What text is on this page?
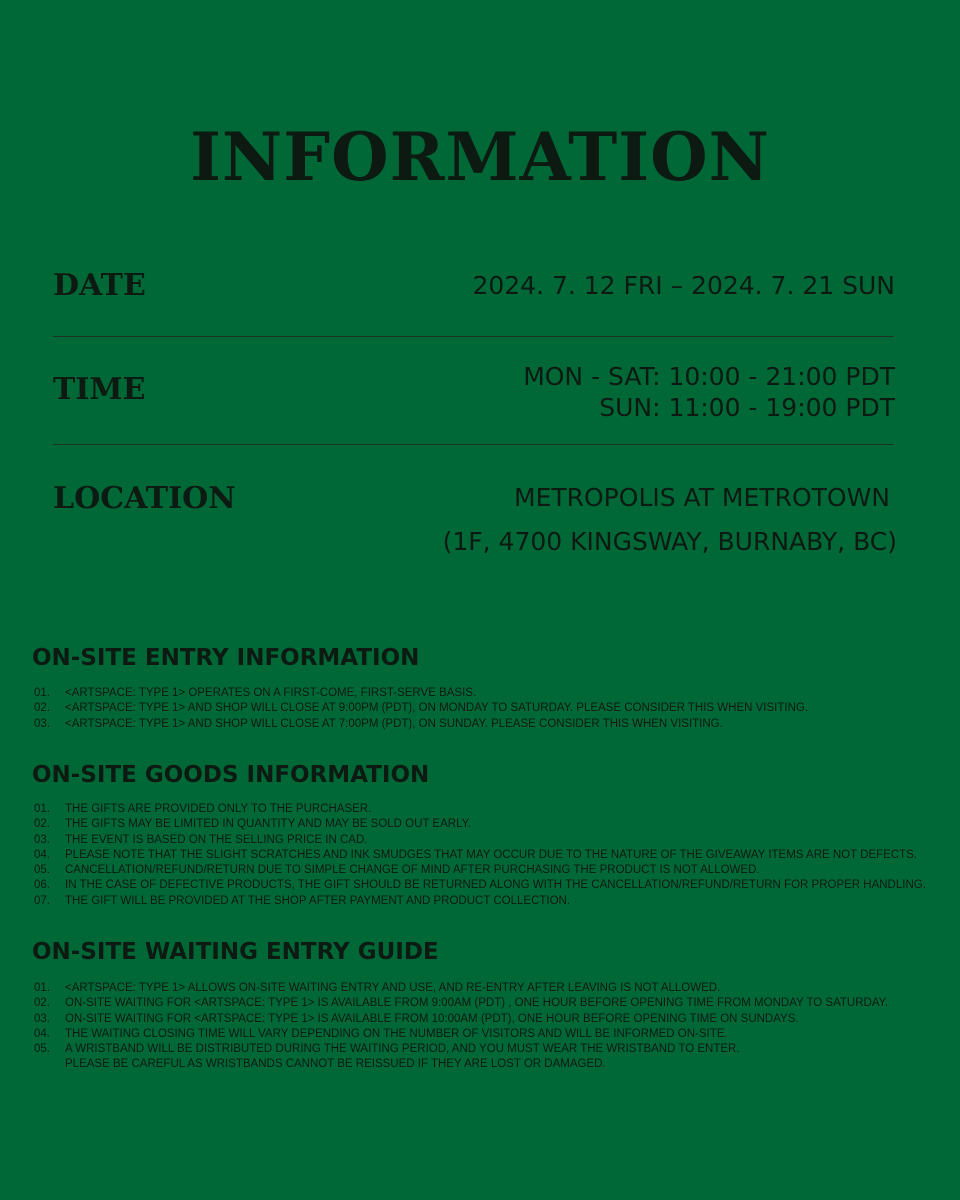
INFORMATION
DATE	2024. 7. 12 FRI – 2024. 7. 21 SUN
TIME	MON - SAT: 10:00 - 21:00 PDT
SUN: 11:00 - 19:00 PDT
LOCATION	METROPOLIS AT METROTOWN
(1F, 4700 KINGSWAY, BURNABY, BC)
ON-SITE ENTRY INFORMATION
01.	<ARTSPACE: TYPE 1> OPERATES ON A FIRST-COME, FIRST-SERVE BASIS.
02.	<ARTSPACE: TYPE 1> AND SHOP WILL CLOSE AT 9:00PM (PDT), ON MONDAY TO SATURDAY. PLEASE CONSIDER THIS WHEN VISITING.
03.	<ARTSPACE: TYPE 1> AND SHOP WILL CLOSE AT 7:00PM (PDT), ON SUNDAY. PLEASE CONSIDER THIS WHEN VISITING.
ON-SITE GOODS INFORMATION
01.	THE GIFTS ARE PROVIDED ONLY TO THE PURCHASER.
02.	THE GIFTS MAY BE LIMITED IN QUANTITY AND MAY BE SOLD OUT EARLY.
03.	THE EVENT IS BASED ON THE SELLING PRICE IN CAD.
04.	PLEASE NOTE THAT THE SLIGHT SCRATCHES AND INK SMUDGES THAT MAY OCCUR DUE TO THE NATURE OF THE GIVEAWAY ITEMS ARE NOT DEFECTS.
05.	CANCELLATION/REFUND/RETURN DUE TO SIMPLE CHANGE OF MIND AFTER PURCHASING THE PRODUCT IS NOT ALLOWED.
06.	IN THE CASE OF DEFECTIVE PRODUCTS, THE GIFT SHOULD BE RETURNED ALONG WITH THE CANCELLATION/REFUND/RETURN FOR PROPER HANDLING.
07.	THE GIFT WILL BE PROVIDED AT THE SHOP AFTER PAYMENT AND PRODUCT COLLECTION.
ON-SITE WAITING ENTRY GUIDE
01.	<ARTSPACE: TYPE 1> ALLOWS ON-SITE WAITING ENTRY AND USE, AND RE-ENTRY AFTER LEAVING IS NOT ALLOWED.
02.	ON-SITE WAITING FOR <ARTSPACE: TYPE 1> IS AVAILABLE FROM 9:00AM (PDT) , ONE HOUR BEFORE OPENING TIME FROM MONDAY TO SATURDAY.
03.	ON-SITE WAITING FOR <ARTSPACE: TYPE 1> IS AVAILABLE FROM 10:00AM (PDT), ONE HOUR BEFORE OPENING TIME ON SUNDAYS.
04.	THE WAITING CLOSING TIME WILL VARY DEPENDING ON THE NUMBER OF VISITORS AND WILL BE INFORMED ON-SITE.
05.	A WRISTBAND WILL BE DISTRIBUTED DURING THE WAITING PERIOD, AND YOU MUST WEAR THE WRISTBAND TO ENTER.
PLEASE BE CAREFUL AS WRISTBANDS CANNOT BE REISSUED IF THEY ARE LOST OR DAMAGED.
